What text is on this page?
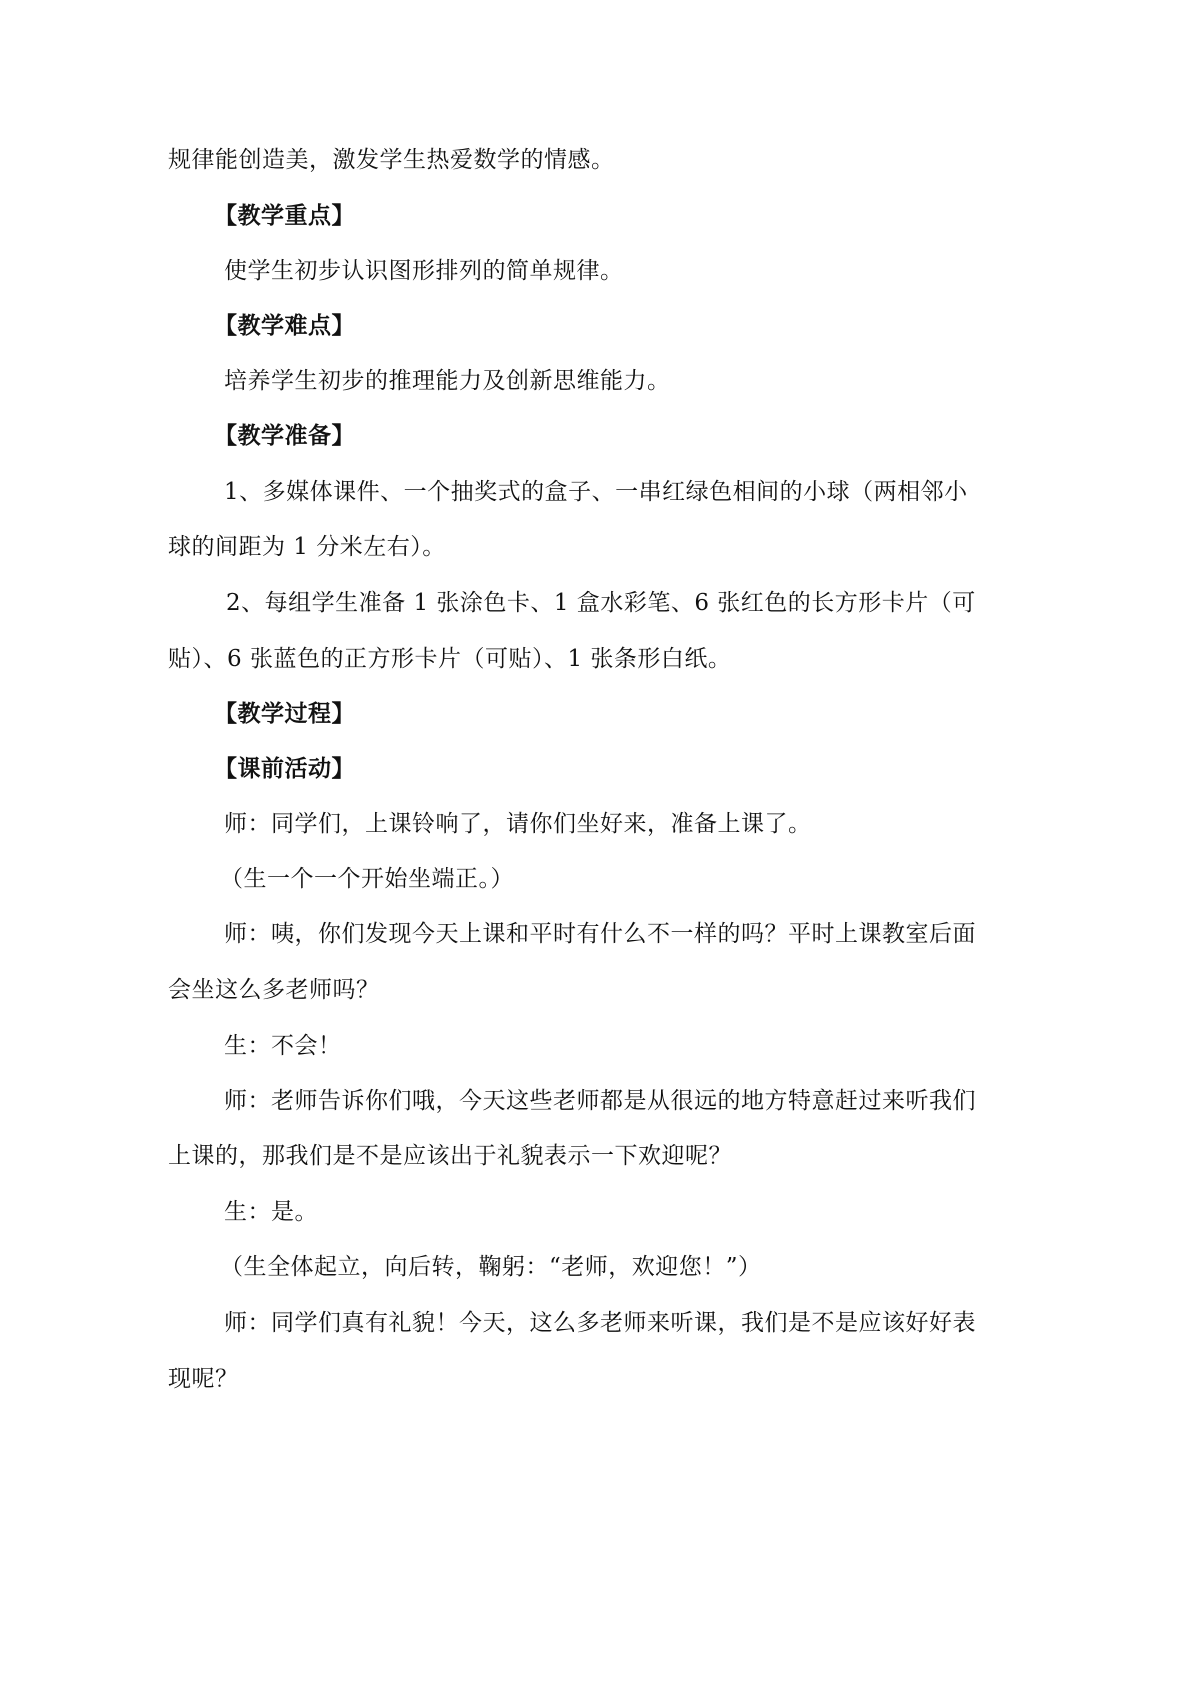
规律能创造美，激发学生热爱数学的情感。
【教学重点】
使学生初步认识图形排列的简单规律。
【教学难点】
培养学生初步的推理能力及创新思维能力。
【教学准备】
1、多媒体课件、一个抽奖式的盒子、一串红绿色相间的小球（两相邻小
球的间距为 1 分米左右）。
2、每组学生准备 1 张涂色卡、1 盒水彩笔、6 张红色的长方形卡片（可
贴）、6 张蓝色的正方形卡片（可贴）、1 张条形白纸。
【教学过程】
【课前活动】
师：同学们，上课铃响了，请你们坐好来，准备上课了。
（生一个一个开始坐端正。）
师：咦，你们发现今天上课和平时有什么不一样的吗？平时上课教室后面
会坐这么多老师吗？
生：不会！
师：老师告诉你们哦，今天这些老师都是从很远的地方特意赶过来听我们
上课的，那我们是不是应该出于礼貌表示一下欢迎呢？
生：是。
（生全体起立，向后转，鞠躬：“老师，欢迎您！”）
师：同学们真有礼貌！今天，这么多老师来听课，我们是不是应该好好表
现呢？
